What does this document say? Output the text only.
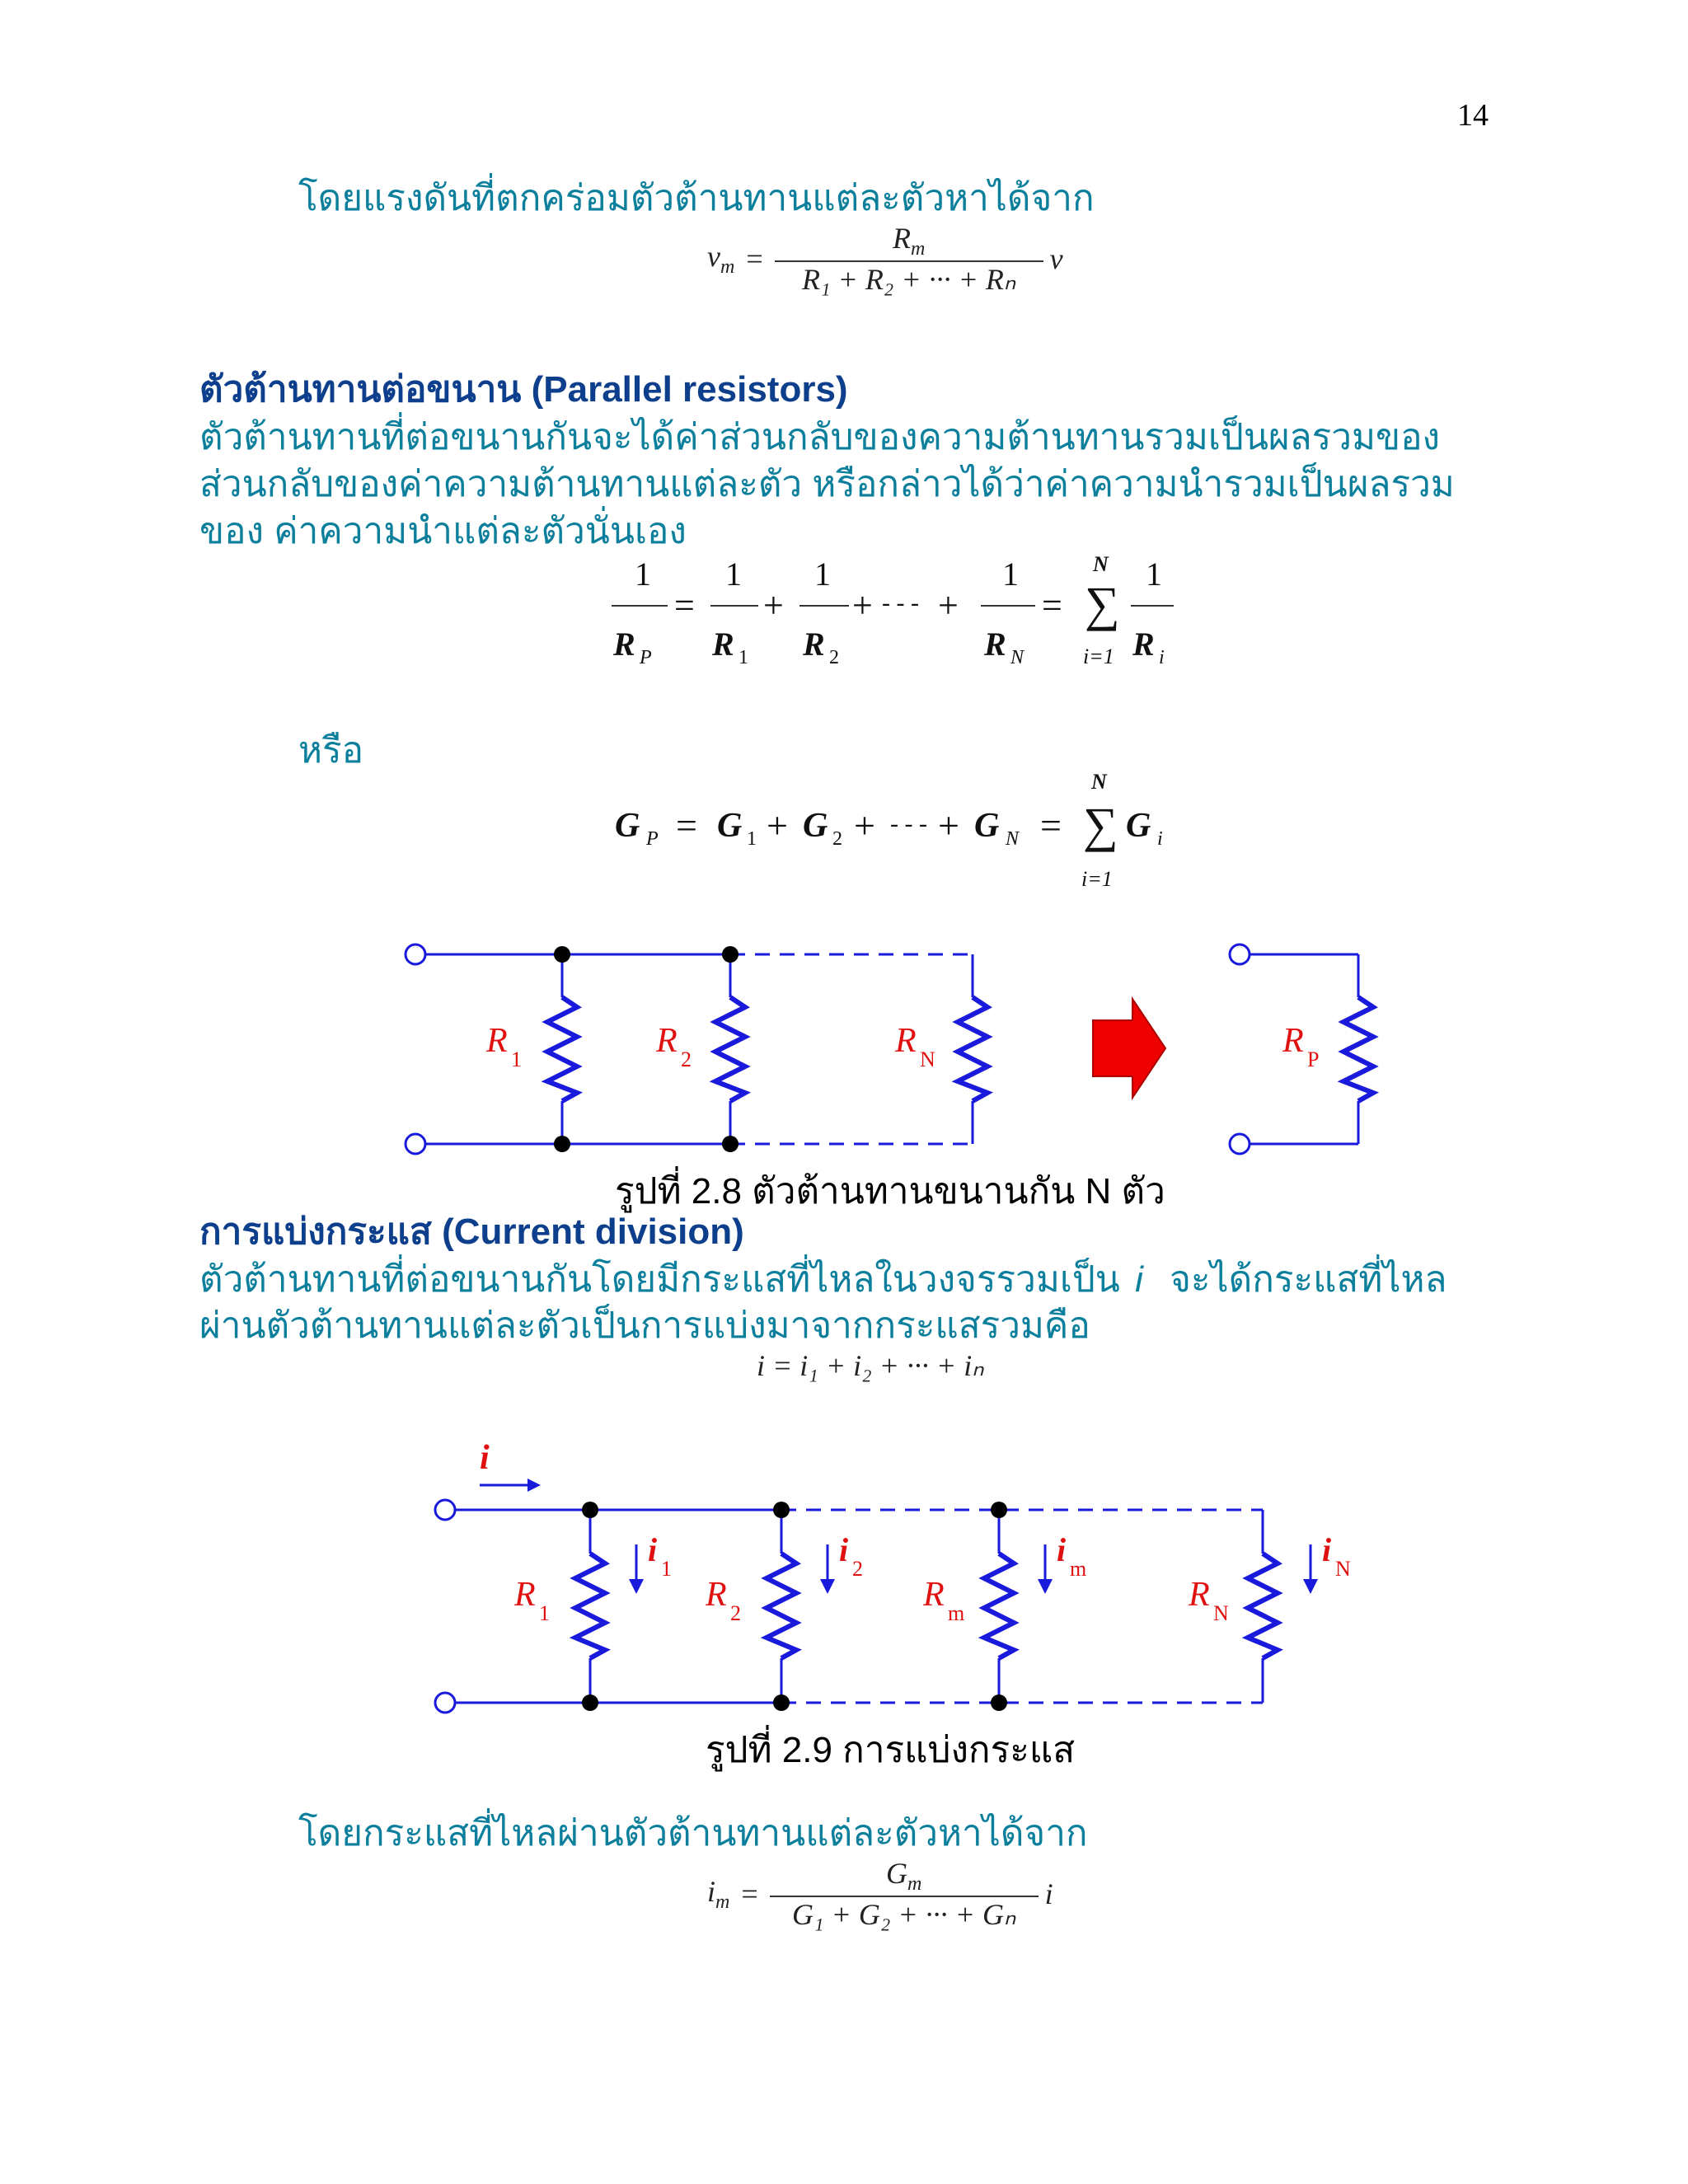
14
โดยแรงดันที่ตกคร่อมตัวต้านทานแต่ละตัวหาได้จาก
$v_m = \frac{R_m}{\text{R₁ + R₂ + ··· + Rₙ}}$ v
ตัวต้านทานต่อขนาน (Parallel resistors)
ตัวต้านทานที่ต่อขนานกันจะได้ค่าส่วนกลับของความต้านทานรวมเป็นผลรวมของ
ส่วนกลับของค่าความต้านทานแต่ละตัว หรือกล่าวได้ว่าค่าความนำรวมเป็นผลรวม
ของ ค่าความนำแต่ละตัวนั่นเอง
1
R P
=
1
R 1
+
1
R 2
+ - - - +
1
R N
=
N
∑
i=1
1
R i
หรือ
G P = G 1 + G 2 + - - - + G N =
N
∑
i=1
G i
R 1	R 2	R N	R P
รูปที่ 2.8 ตัวต้านทานขนานกัน N ตัว
การแบ่งกระแส (Current division)
ตัวต้านทานที่ต่อขนานกันโดยมีกระแสที่ไหลในวงจรรวมเป็น i จะได้กระแสที่ไหล
ผ่านตัวต้านทานแต่ละตัวเป็นการแบ่งมาจากกระแสรวมคือ
i = i₁ + i₂ + ··· + iₙ
i
R 1	R 2	R m	R N
i
1
i
2
i
m
i
N
รูปที่ 2.9 การแบ่งกระแส
โดยกระแสที่ไหลผ่านตัวต้านทานแต่ละตัวหาได้จาก
$i_m = \frac{G_m}{\text{G₁ + G₂ + ··· + Gₙ}}$ i
